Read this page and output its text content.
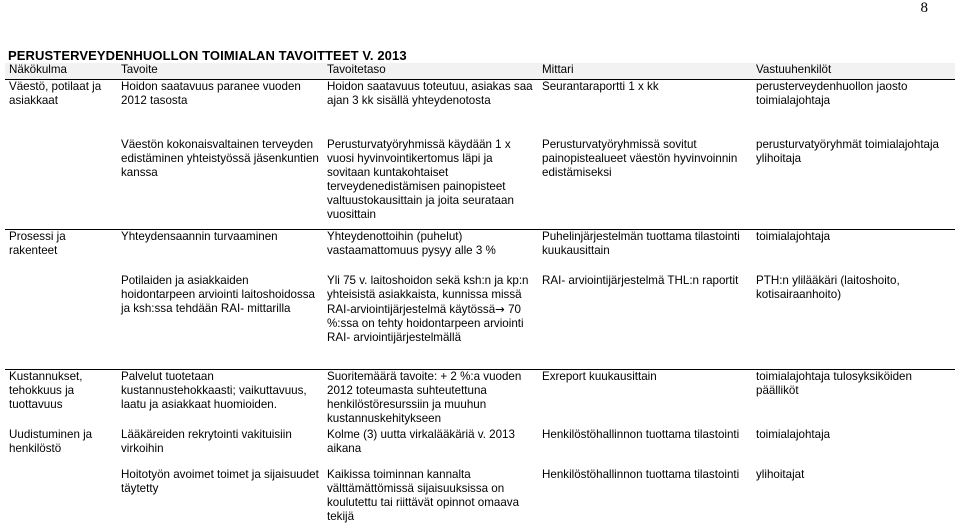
8
PERUSTERVEYDENHUOLLON TOIMIALAN TAVOITTEET V. 2013
Näkökulma	Tavoite	Tavoitetaso	Mittari	Vastuuhenkilöt
Väestö, potilaat ja asiakkaat	Hoidon saatavuus paranee vuoden 2012 tasosta	Hoidon saatavuus toteutuu, asiakas saa ajan 3 kk sisällä yhteydenotosta	Seurantaraportti 1 x kk	perusterveydenhuollon jaosto toimialajohtaja
	Väestön kokonaisvaltainen terveyden edistäminen yhteistyössä jäsenkuntien kanssa	Perusturvatyöryhmissä käydään 1 x vuosi hyvinvointikertomus läpi ja sovitaan kuntakohtaiset terveydenedistämisen painopisteet valtuustokausittain ja joita seurataan vuosittain	Perusturvatyöryhmissä sovitut painopistealueet väestön hyvinvoinnin edistämiseksi	perusturvatyöryhmät toimialajohtaja ylihoitaja
Prosessi ja rakenteet	Yhteydensaannin turvaaminen	Yhteydenottoihin (puhelut) vastaamattomuus pysyy alle 3 %	Puhelinjärjestelmän tuottama tilastointi kuukausittain	toimialajohtaja
	Potilaiden ja asiakkaiden hoidontarpeen arviointi laitoshoidossa ja ksh:ssa tehdään RAI- mittarilla	Yli 75 v. laitoshoidon sekä ksh:n ja kp:n yhteisistä asiakkaista, kunnissa missä RAI-arviointijärjestelmä käytössä→ 70 %:ssa on tehty hoidontarpeen arviointi RAI- arviointijärjestelmällä	RAI- arviointijärjestelmä THL:n raportit	PTH:n ylilääkäri (laitoshoito, kotisairaanhoito)
Kustannukset, tehokkuus ja tuottavuus	Palvelut tuotetaan kustannustehokkaasti; vaikuttavuus, laatu ja asiakkaat huomioiden.	Suoritemäärä tavoite: + 2 %:a vuoden 2012 toteumasta suhteutettuna henkilöstöresurssiin ja muuhun kustannuskehitykseen	Exreport kuukausittain	toimialajohtaja tulosyksiköiden päälliköt
Uudistuminen ja henkilöstö	Lääkäreiden rekrytointi vakituisiin virkoihin	Kolme (3) uutta virkalääkäriä v. 2013 aikana	Henkilöstöhallinnon tuottama tilastointi	toimialajohtaja
	Hoitotyön avoimet toimet ja sijaisuudet täytetty	Kaikissa toiminnan kannalta välttämättömissä sijaisuuksissa on koulutettu tai riittävät opinnot omaava tekijä	Henkilöstöhallinnon tuottama tilastointi	ylihoitajat
